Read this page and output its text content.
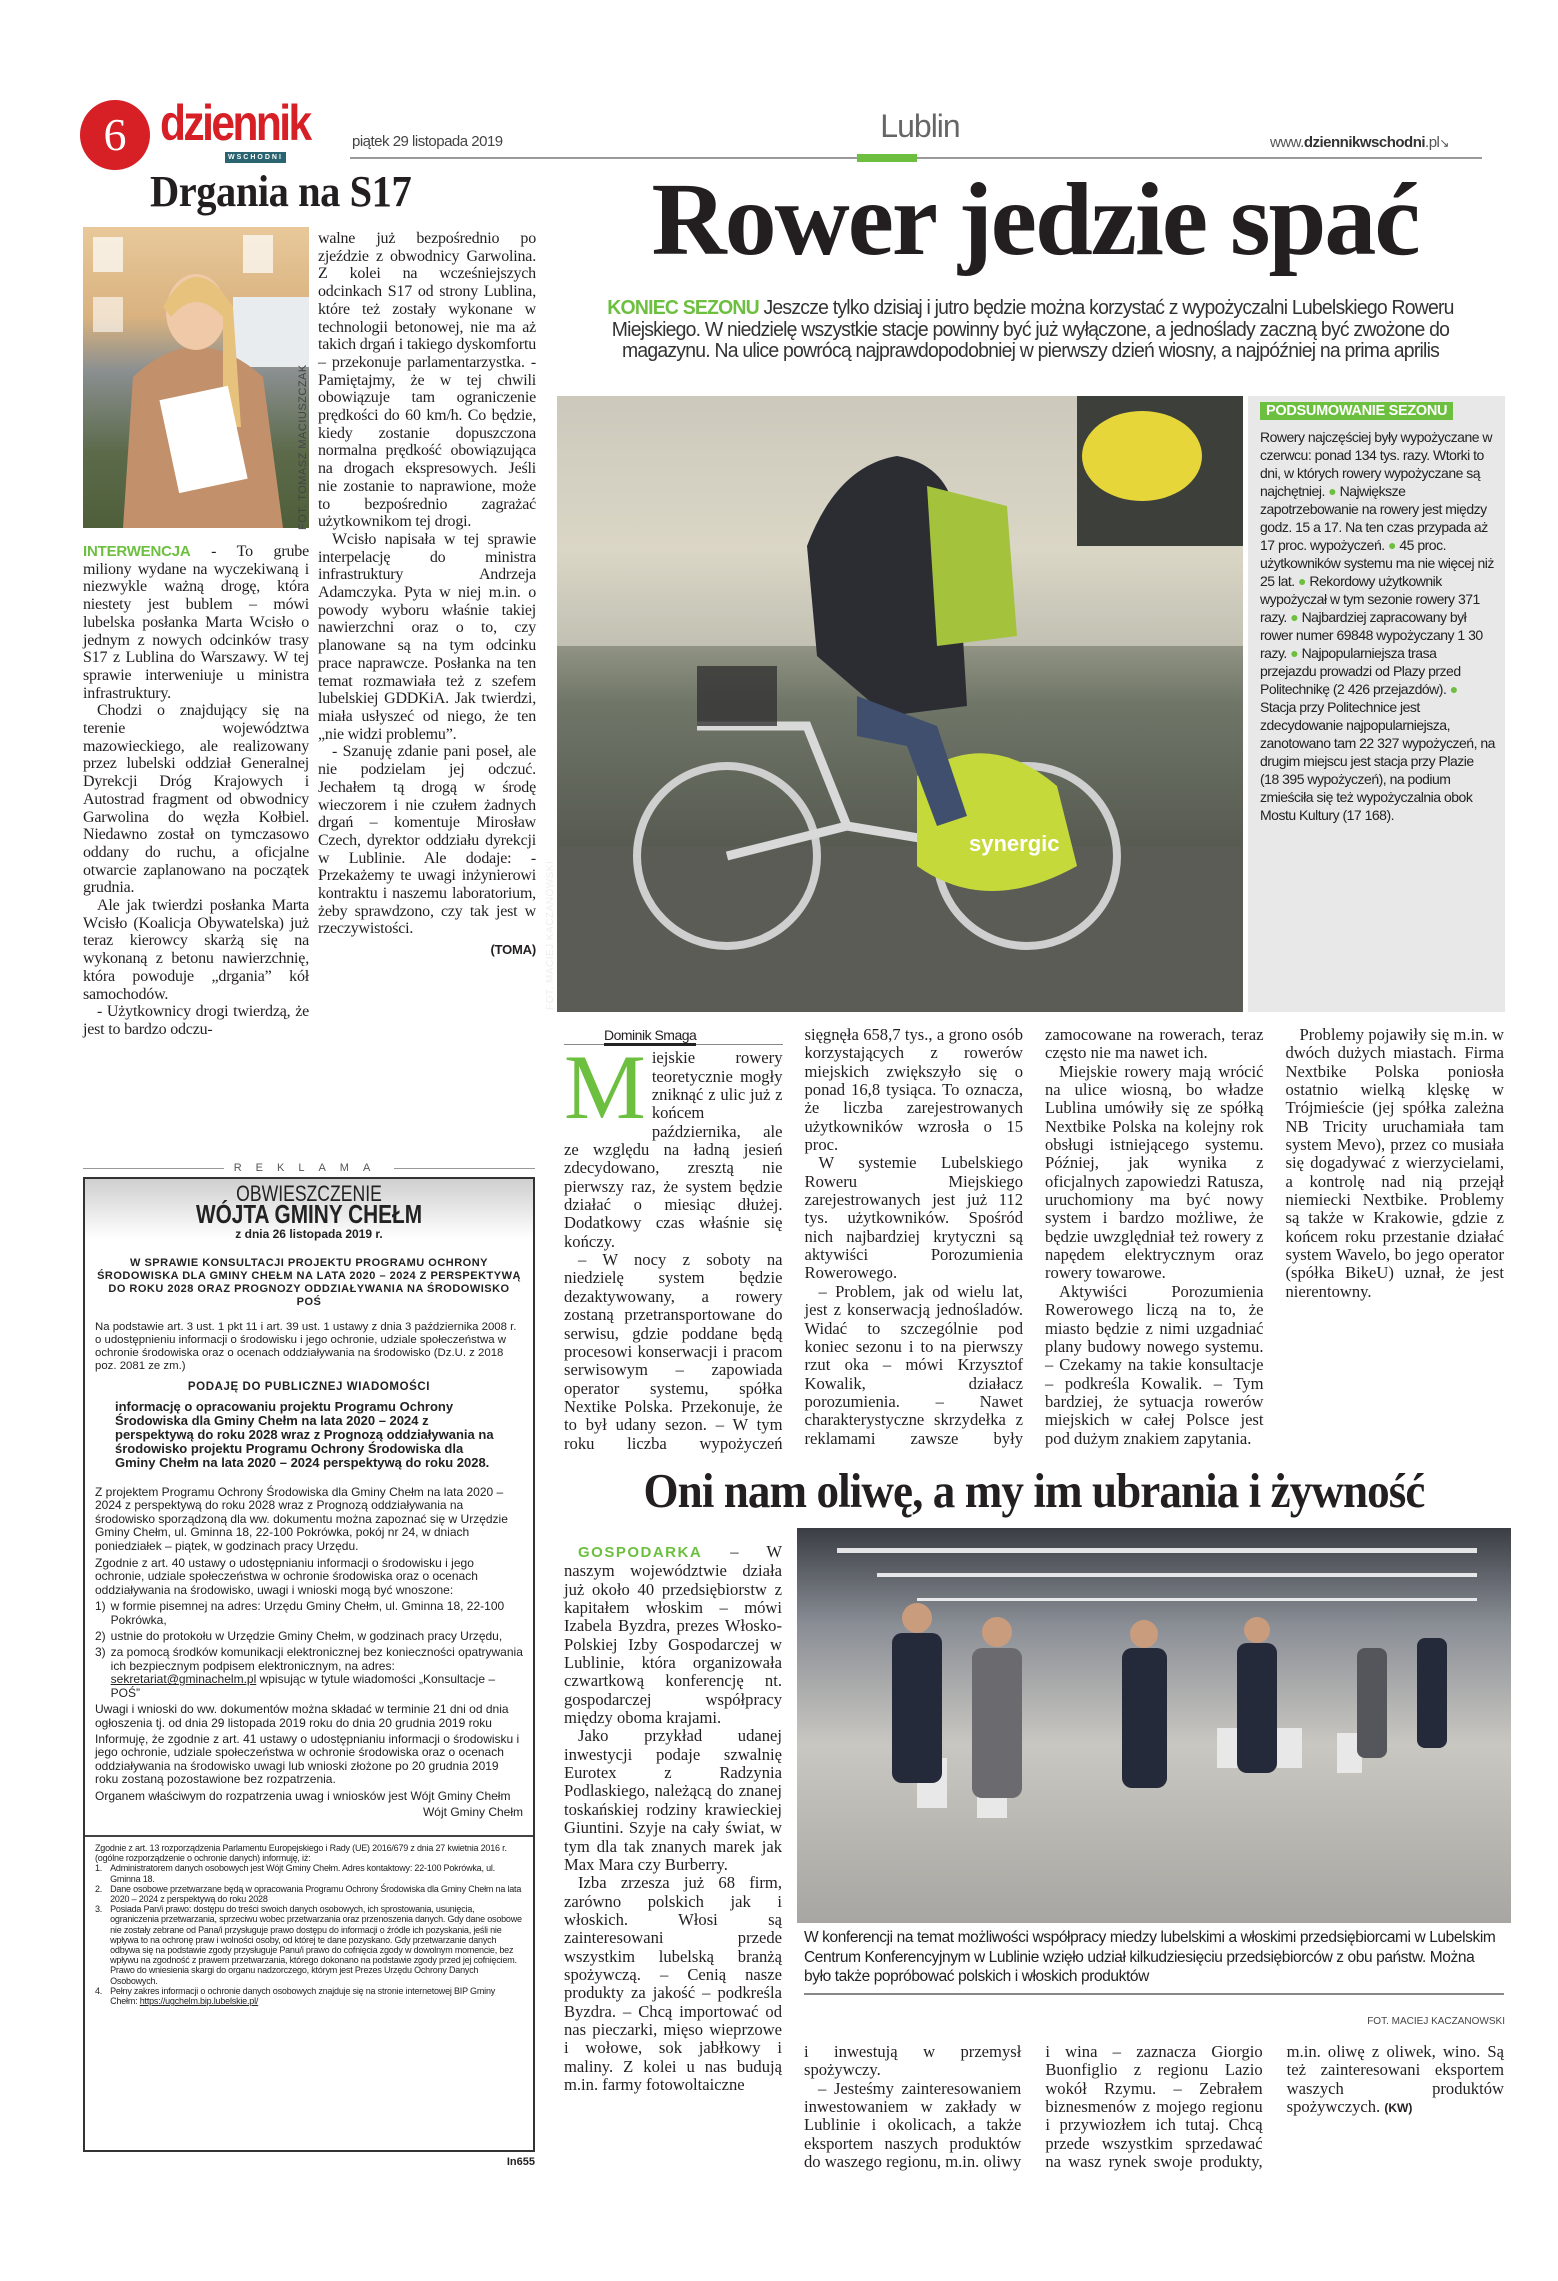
6 dziennik
WSCHODNI
piątek 29 listopada 2019	Lublin	www.dziennikwschodni.pl↘
Drgania na S17
FOT. TOMASZ MACIUSZCZAK

INTERWENCJA - To grube miliony wydane na wyczekiwaną i niezwykle ważną drogę, która niestety jest bublem – mówi lubelska posłanka Marta Wcisło o jednym z nowych odcinków trasy S17 z Lublina do Warszawy. W tej sprawie interweniuje u ministra infrastruktury.

Chodzi o znajdujący się na terenie województwa mazowieckiego, ale realizowany przez lubelski oddział Generalnej Dyrekcji Dróg Krajowych i Autostrad fragment od obwodnicy Garwolina do węzła Kołbiel. Niedawno został on tymczasowo oddany do ruchu, a oficjalne otwarcie zaplanowano na początek grudnia.

Ale jak twierdzi posłanka Marta Wcisło (Koalicja Obywatelska) już teraz kierowcy skarżą się na wykonaną z betonu nawierzchnię, która powoduje „drgania” kół samochodów.

- Użytkownicy drogi twierdzą, że jest to bardzo odczu-

walne już bezpośrednio po zjeździe z obwodnicy Garwolina. Z kolei na wcześniejszych odcinkach S17 od strony Lublina, które też zostały wykonane w technologii betonowej, nie ma aż takich drgań i takiego dyskomfortu – przekonuje parlamentarzystka. - Pamiętajmy, że w tej chwili obowiązuje tam ograniczenie prędkości do 60 km/h. Co będzie, kiedy zostanie dopuszczona normalna prędkość obowiązująca na drogach ekspresowych. Jeśli nie zostanie to naprawione, może to bezpośrednio zagrażać użytkownikom tej drogi.

Wcisło napisała w tej sprawie interpelację do ministra infrastruktury Andrzeja Adamczyka. Pyta w niej m.in. o powody wyboru właśnie takiej nawierzchni oraz o to, czy planowane są na tym odcinku prace naprawcze. Posłanka na ten temat rozmawiała też z szefem lubelskiej GDDKiA. Jak twierdzi, miała usłyszeć od niego, że ten „nie widzi problemu”.

- Szanuję zdanie pani poseł, ale nie podzielam jej odczuć. Jechałem tą drogą w środę wieczorem i nie czułem żadnych drgań – komentuje Mirosław Czech, dyrektor oddziału dyrekcji w Lublinie. Ale dodaje: - Przekażemy te uwagi inżynierowi kontraktu i naszemu laboratorium, żeby sprawdzono, czy tak jest w rzeczywistości.

(TOMA)
REKLAMA
OBWIESZCZENIE
WÓJTA GMINY CHEŁM
z dnia 26 listopada 2019 r.
W SPRAWIE KONSULTACJI PROJEKTU PROGRAMU OCHRONY ŚRODOWISKA DLA GMINY CHEŁM NA LATA 2020 – 2024 Z PERSPEKTYWĄ DO ROKU 2028 ORAZ PROGNOZY ODDZIAŁYWANIA NA ŚRODOWISKO POŚ

Na podstawie art. 3 ust. 1 pkt 11 i art. 39 ust. 1 ustawy z dnia 3 października 2008 r. o udostępnieniu informacji o środowisku i jego ochronie, udziale społeczeństwa w ochronie środowiska oraz o ocenach oddziaływania na środowisko (Dz.U. z 2018 poz. 2081 ze zm.)

PODAJĘ DO PUBLICZNEJ WIADOMOŚCI

informację o opracowaniu projektu Programu Ochrony Środowiska dla Gminy Chełm na lata 2020 – 2024 z perspektywą do roku 2028 wraz z Prognozą oddziaływania na środowisko projektu Programu Ochrony Środowiska dla Gminy Chełm na lata 2020 – 2024 perspektywą do roku 2028.

Z projektem Programu Ochrony Środowiska dla Gminy Chełm na lata 2020 – 2024 z perspektywą do roku 2028 wraz z Prognozą oddziaływania na środowisko sporządzoną dla ww. dokumentu można zapoznać się w Urzędzie Gminy Chełm, ul. Gminna 18, 22-100 Pokrówka, pokój nr 24, w dniach poniedziałek – piątek, w godzinach pracy Urzędu.

Zgodnie z art. 40 ustawy o udostępnianiu informacji o środowisku i jego ochronie, udziale społeczeństwa w ochronie środowiska oraz o ocenach oddziaływania na środowisko, uwagi i wnioski mogą być wnoszone:

1) w formie pisemnej na adres: Urzędu Gminy Chełm, ul. Gminna 18, 22-100 Pokrówka,
2) ustnie do protokołu w Urzędzie Gminy Chełm, w godzinach pracy Urzędu,
3) za pomocą środków komunikacji elektronicznej bez konieczności opatrywania ich bezpiecznym podpisem elektronicznym, na adres: sekretariat@gminachelm.pl wpisując w tytule wiadomości „Konsultacje – POŚ”

Uwagi i wnioski do ww. dokumentów można składać w terminie 21 dni od dnia ogłoszenia tj. od dnia 29 listopada 2019 roku do dnia 20 grudnia 2019 roku

Informuję, że zgodnie z art. 41 ustawy o udostępnianiu informacji o środowisku i jego ochronie, udziale społeczeństwa w ochronie środowiska oraz o ocenach oddziaływania na środowisko uwagi lub wnioski złożone po 20 grudnia 2019 roku zostaną pozostawione bez rozpatrzenia.

Organem właściwym do rozpatrzenia uwag i wniosków jest Wójt Gminy Chełm

Wójt Gminy Chełm

Zgodnie z art. 13 rozporządzenia Parlamentu Europejskiego i Rady (UE) 2016/679 z dnia 27 kwietnia 2016 r. (ogólne rozporządzenie o ochronie danych) informuję, iż:

1. Administratorem danych osobowych jest Wójt Gminy Chełm. Adres kontaktowy: 22-100 Pokrówka, ul. Gminna 18.
2. Dane osobowe przetwarzane będą w opracowania Programu Ochrony Środowiska dla Gminy Chełm na lata 2020 – 2024 z perspektywą do roku 2028
3. Posiada Pan/i prawo: dostępu do treści swoich danych osobowych, ich sprostowania, usunięcia, ograniczenia przetwarzania, sprzeciwu wobec przetwarzania oraz przenoszenia danych. Gdy dane osobowe nie zostały zebrane od Pana/i przysługuje prawo dostępu do informacji o źródle ich pozyskania, jeśli nie wpływa to na ochronę praw i wolności osoby, od której te dane pozyskano. Gdy przetwarzanie danych odbywa się na podstawie zgody przysługuje Panu/i prawo do cofnięcia zgody w dowolnym momencie, bez wpływu na zgodność z prawem przetwarzania, którego dokonano na podstawie zgody przed jej cofnięciem. Prawo do wniesienia skargi do organu nadzorczego, którym jest Prezes Urzędu Ochrony Danych Osobowych.
4. Pełny zakres informacji o ochronie danych osobowych znajduje się na stronie internetowej BIP Gminy Chełm: https://ugchelm.bip.lubelskie.pl/
In655
Rower jedzie spać
KONIEC SEZONU Jeszcze tylko dzisiaj i jutro będzie można korzystać z wypożyczalni Lubelskiego Roweru Miejskiego. W niedzielę wszystkie stacje powinny być już wyłączone, a jednoślady zaczną być zwożone do magazynu. Na ulice powrócą najprawdopodobniej w pierwszy dzień wiosny, a najpóźniej na prima aprilis
synergic
FOT. MACIEJ KACZANOWSKI
PODSUMOWANIE SEZONU
Rowery najczęściej były wypożyczane w czerwcu: ponad 134 tys. razy. Wtorki to dni, w których rowery wypożyczane są najchętniej. ● Największe zapotrzebowanie na rowery jest między godz. 15 a 17. Na ten czas przypada aż 17 proc. wypożyczeń. ● 45 proc. użytkowników systemu ma nie więcej niż 25 lat. ● Rekordowy użytkownik wypożyczał w tym sezonie rowery 371 razy. ● Najbardziej zapracowany był rower numer 69848 wypożyczany 1 30 razy. ● Najpopularniejsza trasa przejazdu prowadzi od Plazy przed Politechnikę (2 426 przejazdów). ● Stacja przy Politechnice jest zdecydowanie najpopularniejsza, zanotowano tam 22 327 wypożyczeń, na drugim miejscu jest stacja przy Plazie (18 395 wypożyczeń), na podium zmieściła się też wypożyczalnia obok Mostu Kultury (17 168).
Dominik Smaga

Miejskie rowery teoretycznie mogły zniknąć z ulic już z końcem października, ale ze względu na ładną jesień zdecydowano, zresztą nie pierwszy raz, że system będzie działać o miesiąc dłużej. Dodatkowy czas właśnie się kończy.

– W nocy z soboty na niedzielę system będzie dezaktywowany, a rowery zostaną przetransportowane do serwisu, gdzie poddane będą procesowi konserwacji i pracom serwisowym – zapowiada operator systemu, spółka Nextike Polska. Przekonuje, że to był udany sezon. – W tym roku liczba wypożyczeń sięgnęła 658,7 tys., a grono osób korzystających z rowerów miejskich zwiększyło się o ponad 16,8 tysiąca. To oznacza, że liczba zarejestrowanych użytkowników wzrosła o 15 proc.

W systemie Lubelskiego Roweru Miejskiego zarejestrowanych jest już 112 tys. użytkowników. Spośród nich najbardziej krytyczni są aktywiści Porozumienia Rowerowego.

– Problem, jak od wielu lat, jest z konserwacją jednośladów. Widać to szczególnie pod koniec sezonu i to na pierwszy rzut oka – mówi Krzysztof Kowalik, działacz porozumienia. – Nawet charakterystyczne skrzydełka z reklamami zawsze były zamocowane na rowerach, teraz często nie ma nawet ich.

Miejskie rowery mają wrócić na ulice wiosną, bo władze Lublina umówiły się ze spółką Nextbike Polska na kolejny rok obsługi istniejącego systemu. Później, jak wynika z oficjalnych zapowiedzi Ratusza, uruchomiony ma być nowy system i bardzo możliwe, że będzie uwzględniał też rowery z napędem elektrycznym oraz rowery towarowe.

Aktywiści Porozumienia Rowerowego liczą na to, że miasto będzie z nimi uzgadniać plany budowy nowego systemu. – Czekamy na takie konsultacje – podkreśla Kowalik. – Tym bardziej, że sytuacja rowerów miejskich w całej Polsce jest pod dużym znakiem zapytania.

Problemy pojawiły się m.in. w dwóch dużych miastach. Firma Nextbike Polska poniosła ostatnio wielką klęskę w Trójmieście (jej spółka zależna NB Tricity uruchamiała tam system Mevo), przez co musiała się dogadywać z wierzycielami, a kontrolę nad nią przejął niemiecki Nextbike. Problemy są także w Krakowie, gdzie z końcem roku przestanie działać system Wavelo, bo jego operator (spółka BikeU) uznał, że jest nierentowny.

Oni nam oliwę, a my im ubrania i żywność

GOSPODARKA – W naszym województwie działa już około 40 przedsiębiorstw z kapitałem włoskim – mówi Izabela Byzdra, prezes Włosko-Polskiej Izby Gospodarczej w Lublinie, która organizowała czwartkową konferencję nt. gospodarczej współpracy między oboma krajami.

Jako przykład udanej inwestycji podaje szwalnię Eurotex z Radzynia Podlaskiego, należącą do znanej toskańskiej rodziny krawieckiej Giuntini. Szyje na cały świat, w tym dla tak znanych marek jak Max Mara czy Burberry.

Izba zrzesza już 68 firm, zarówno polskich jak i włoskich. Włosi są zainteresowani przede wszystkim lubelską branżą spożywczą. – Cenią nasze produkty za jakość – podkreśla Byzdra. – Chcą importować od nas pieczarki, mięso wieprzowe i wołowe, sok jabłkowy i maliny. Z kolei u nas budują m.in. farmy fotowoltaiczne

W konferencji na temat możliwości współpracy miedzy lubelskimi a włoskimi przedsiębiorcami w Lubelskim Centrum Konferencyjnym w Lublinie wzięło udział kilkudziesięciu przedsiębiorców z obu państw. Można było także popróbować polskich i włoskich produktów
FOT. MACIEJ KACZANOWSKI

i inwestują w przemysł spożywczy.

– Jesteśmy zainteresowaniem inwestowaniem w zakłady w Lublinie i okolicach, a także eksportem naszych produktów do waszego regionu, m.in. oliwy i wina – zaznacza Giorgio Buonfiglio z regionu Lazio wokół Rzymu. – Zebrałem biznesmenów z mojego regionu i przywiozłem ich tutaj. Chcą przede wszystkim sprzedawać na wasz rynek swoje produkty, m.in. oliwę z oliwek, wino. Są też zainteresowani eksportem waszych produktów spożywczych. (KW)
